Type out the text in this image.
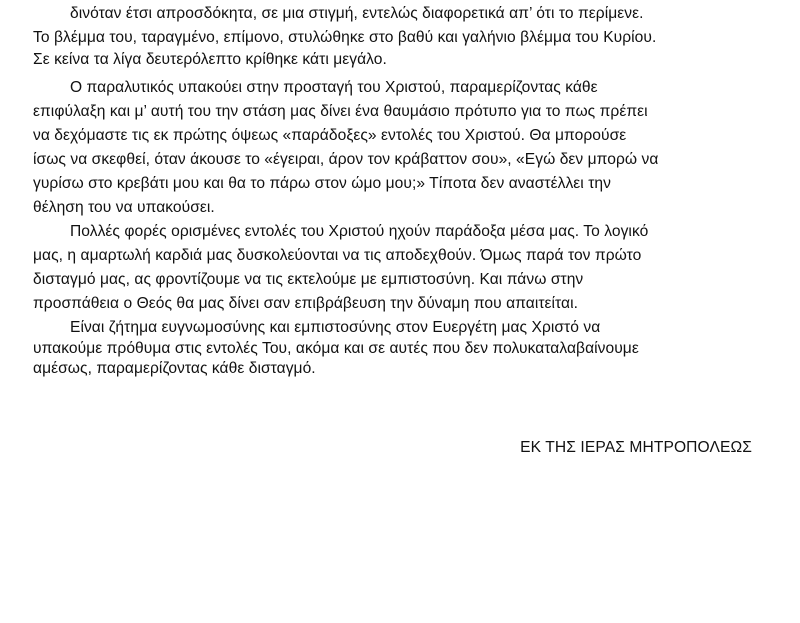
δινόταν έτσι απροσδόκητα, σε μια στιγμή, εντελώς διαφορετικά απ’ ότι το περίμενε.
Το βλέμμα του, ταραγμένο, επίμονο, στυλώθηκε στο βαθύ και γαλήνιο βλέμμα του Κυρίου.
Σε κείνα τα λίγα δευτερόλεπτο κρίθηκε κάτι μεγάλο.
Ο παραλυτικός υπακούει στην προσταγή του Χριστού, παραμερίζοντας κάθε
επιφύλαξη και μ’ αυτή του την στάση μας δίνει ένα θαυμάσιο πρότυπο για το πως πρέπει
να δεχόμαστε τις εκ πρώτης όψεως «παράδοξες» εντολές του Χριστού. Θα μπορούσε
ίσως να σκεφθεί, όταν άκουσε το «έγειραι, άρον τον κράβαττον σου», «Εγώ δεν μπορώ να
γυρίσω στο κρεβάτι μου και θα το πάρω στον ώμο μου;» Τίποτα δεν αναστέλλει την
θέληση του να υπακούσει.
Πολλές φορές ορισμένες εντολές του Χριστού ηχούν παράδοξα μέσα μας. Το λογικό
μας, η αμαρτωλή καρδιά μας δυσκολεύονται να τις αποδεχθούν. Όμως παρά τον πρώτο
δισταγμό μας, ας φροντίζουμε να τις εκτελούμε με εμπιστοσύνη. Και πάνω στην
προσπάθεια ο Θεός θα μας δίνει σαν επιβράβευση την δύναμη που απαιτείται.
Είναι ζήτημα ευγνωμοσύνης και εμπιστοσύνης στον Ευεργέτη μας Χριστό να
υπακούμε πρόθυμα στις εντολές Του, ακόμα και σε αυτές που δεν πολυκαταλαβαίνουμε
αμέσως, παραμερίζοντας κάθε δισταγμό.
ΕΚ ΤΗΣ ΙΕΡΑΣ ΜΗΤΡΟΠΟΛΕΩΣ
